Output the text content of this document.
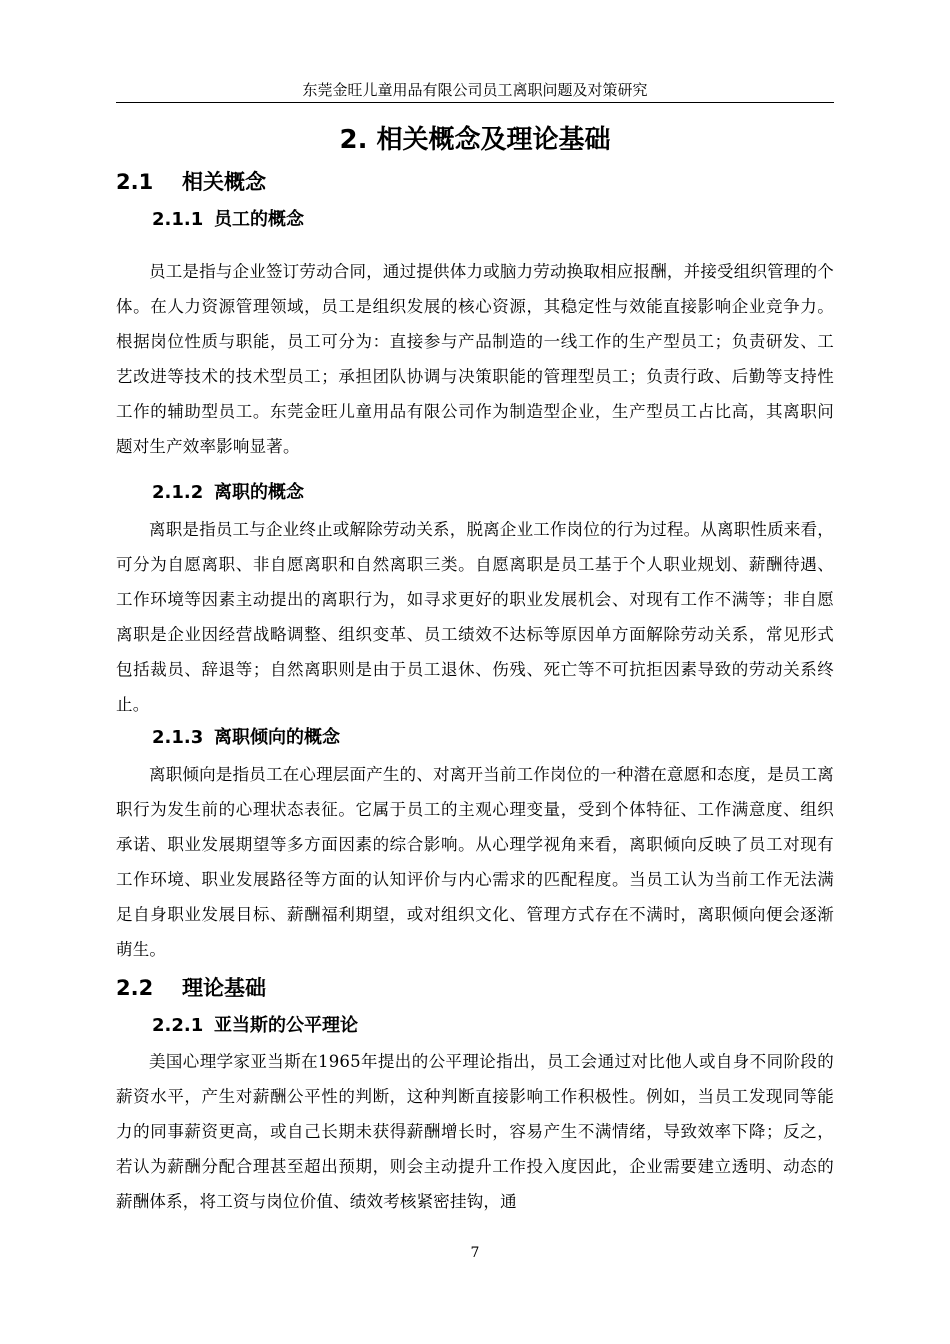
东莞金旺儿童用品有限公司员工离职问题及对策研究
2. 相关概念及理论基础
2.1 相关概念
2.1.1 员工的概念

员工是指与企业签订劳动合同，通过提供体力或脑力劳动换取相应报酬，并接受组织管理的个体。在人力资源管理领域，员工是组织发展的核心资源，其稳定性与效能直接影响企业竞争力。根据岗位性质与职能，员工可分为：直接参与产品制造的一线工作的生产型员工；负责研发、工艺改进等技术的技术型员工；承担团队协调与决策职能的管理型员工；负责行政、后勤等支持性工作的辅助型员工。东莞金旺儿童用品有限公司作为制造型企业，生产型员工占比高，其离职问题对生产效率影响显著。

2.1.2 离职的概念

离职是指员工与企业终止或解除劳动关系，脱离企业工作岗位的行为过程。从离职性质来看，可分为自愿离职、非自愿离职和自然离职三类。自愿离职是员工基于个人职业规划、薪酬待遇、工作环境等因素主动提出的离职行为，如寻求更好的职业发展机会、对现有工作不满等；非自愿离职是企业因经营战略调整、组织变革、员工绩效不达标等原因单方面解除劳动关系，常见形式包括裁员、辞退等；自然离职则是由于员工退休、伤残、死亡等不可抗拒因素导致的劳动关系终止。

2.1.3 离职倾向的概念

离职倾向是指员工在心理层面产生的、对离开当前工作岗位的一种潜在意愿和态度，是员工离职行为发生前的心理状态表征。它属于员工的主观心理变量，受到个体特征、工作满意度、组织承诺、职业发展期望等多方面因素的综合影响。从心理学视角来看，离职倾向反映了员工对现有工作环境、职业发展路径等方面的认知评价与内心需求的匹配程度。当员工认为当前工作无法满足自身职业发展目标、薪酬福利期望，或对组织文化、管理方式存在不满时，离职倾向便会逐渐萌生。

2.2 理论基础
2.2.1 亚当斯的公平理论

美国心理学家亚当斯在1965年提出的公平理论指出，员工会通过对比他人或自身不同阶段的薪资水平，产生对薪酬公平性的判断，这种判断直接影响工作积极性。例如，当员工发现同等能力的同事薪资更高，或自己长期未获得薪酬增长时，容易产生不满情绪，导致效率下降；反之，若认为薪酬分配合理甚至超出预期，则会主动提升工作投入度因此，企业需要建立透明、动态的薪酬体系，将工资与岗位价值、绩效考核紧密挂钩，通

7
